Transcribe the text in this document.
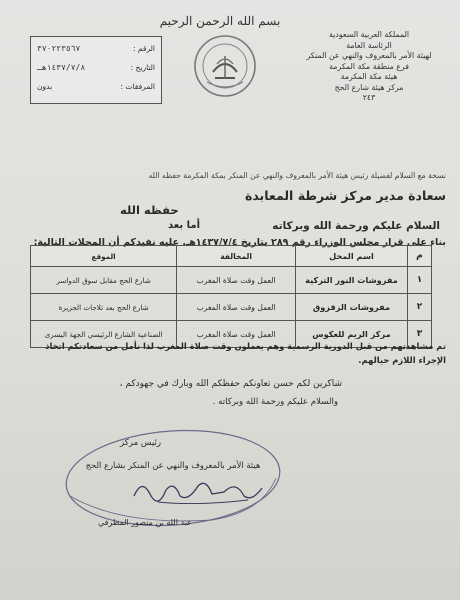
بسم الله الرحمن الرحيم
المملكة العربية السعودية
الرئاسة العامة
لهيئة الأمر بالمعروف والنهي عن المنكر
فرع منطقة مكة المكرمة
هيئة مكة المكرمة
مركز هيئة شارع الحج
٢٤٣
الرقم :
٣٧٠٢٢٣٥٦٧
التاريخ :
١٤٣٧/٧/٨هـ
المرفقات :
بدون
نسخة مع السلام لفضيلة رئيس هيئة الأمر بالمعروف والنهي عن المنكر بمكة المكرمة حفظه الله
سعادة مدير مركز شرطة المعابدة
حفظه الله
السلام عليكم ورحمة الله وبركاته
أما بعد
بناء على قرار مجلس الوزراء رقم ٢٨٩ بتاريخ ١٤٣٧/٧/٤هـ. عليه نفيدكم أن المحلات التالية:
م	اسم المحل	المخالفة	الموقع
١	مفروشات النور التركية	العمل وقت صلاة المغرب	شارع الحج مقابل سوق الدواسر
٢	مفروشات الزقزوق	العمل وقت صلاة المغرب	شارع الحج بعد ثلاجات الجزيرة
٣	مركز الريم للعكوس	العمل وقت صلاة المغرب	الصناعية الشارع الرئيسي الجهة اليسرى
تم مشاهدتهم من قبل الدورية الرسمية وهم يعملون وقت صلاة المغرب لذا نأمل من سعادتكم اتخاذ
الإجراء اللازم حيالهم.
شاكرين لكم حسن تعاونكم حفظكم الله وبارك في جهودكم ،
والسلام عليكم ورحمة الله وبركاته .
رئيس مركز
هيئة الأمر بالمعروف والنهي عن المنكر بشارع الحج
عبد الله بن منصور المطرفي
